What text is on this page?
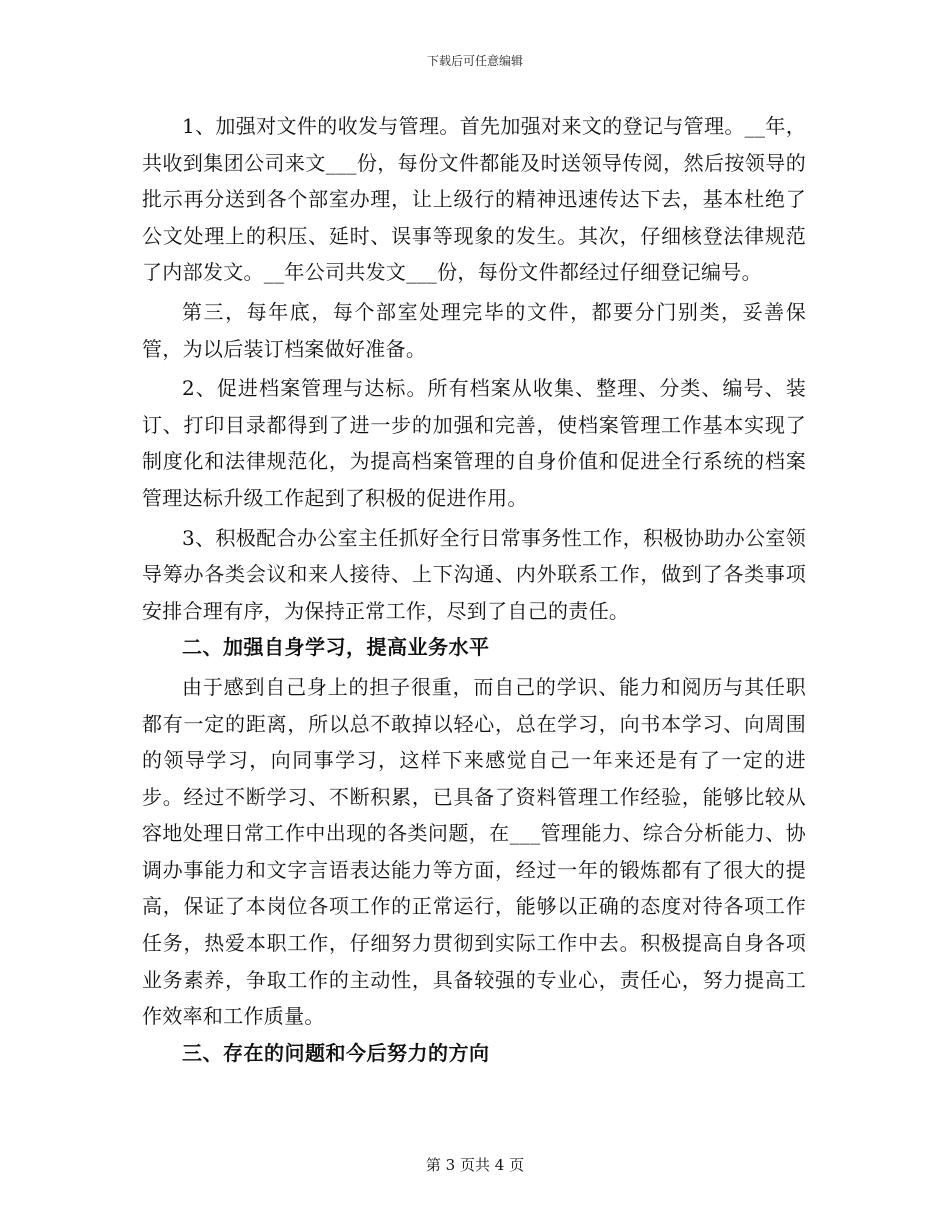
下载后可任意编辑

1、加强对文件的收发与管理。首先加强对来文的登记与管理。__年，共收到集团公司来文___份，每份文件都能及时送领导传阅，然后按领导的批示再分送到各个部室办理，让上级行的精神迅速传达下去，基本杜绝了公文处理上的积压、延时、误事等现象的发生。其次，仔细核登法律规范了内部发文。__年公司共发文___份，每份文件都经过仔细登记编号。

第三，每年底，每个部室处理完毕的文件，都要分门别类，妥善保管，为以后装订档案做好准备。

2、促进档案管理与达标。所有档案从收集、整理、分类、编号、装订、打印目录都得到了进一步的加强和完善，使档案管理工作基本实现了制度化和法律规范化，为提高档案管理的自身价值和促进全行系统的档案管理达标升级工作起到了积极的促进作用。

3、积极配合办公室主任抓好全行日常事务性工作，积极协助办公室领导筹办各类会议和来人接待、上下沟通、内外联系工作，做到了各类事项安排合理有序，为保持正常工作，尽到了自己的责任。

二、加强自身学习，提高业务水平

由于感到自己身上的担子很重，而自己的学识、能力和阅历与其任职都有一定的距离，所以总不敢掉以轻心，总在学习，向书本学习、向周围的领导学习，向同事学习，这样下来感觉自己一年来还是有了一定的进步。经过不断学习、不断积累，已具备了资料管理工作经验，能够比较从容地处理日常工作中出现的各类问题，在___管理能力、综合分析能力、协调办事能力和文字言语表达能力等方面，经过一年的锻炼都有了很大的提高，保证了本岗位各项工作的正常运行，能够以正确的态度对待各项工作任务，热爱本职工作，仔细努力贯彻到实际工作中去。积极提高自身各项业务素养，争取工作的主动性，具备较强的专业心，责任心，努力提高工作效率和工作质量。

三、存在的问题和今后努力的方向

第 3 页共 4 页
